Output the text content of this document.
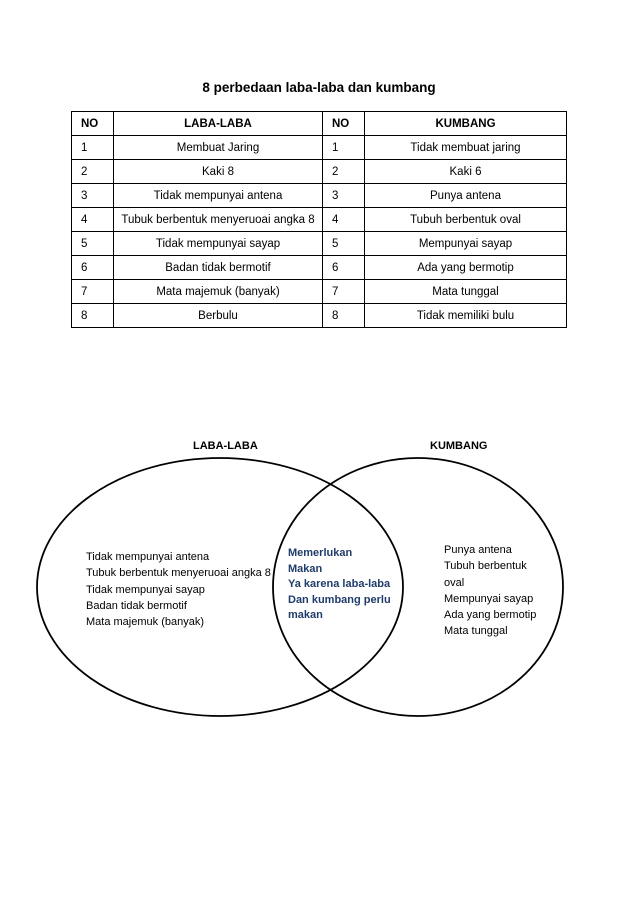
8 perbedaan laba-laba dan kumbang
NO	LABA-LABA	NO	KUMBANG
1	Membuat Jaring	1	Tidak membuat jaring
2	Kaki 8	2	Kaki 6
3	Tidak mempunyai antena	3	Punya antena
4	Tubuk berbentuk menyeruoai angka 8	4	Tubuh berbentuk oval
5	Tidak mempunyai sayap	5	Mempunyai sayap
6	Badan tidak bermotif	6	Ada yang bermotip
7	Mata majemuk (banyak)	7	Mata tunggal
8	Berbulu	8	Tidak memiliki bulu
LABA-LABA	KUMBANG
Tidak mempunyai antena
Tubuk berbentuk menyeruoai angka 8
Tidak mempunyai sayap
Badan tidak bermotif
Mata majemuk (banyak)
Memerlukan
Makan
Ya karena laba-laba
Dan kumbang perlu
makan
Punya antena
Tubuh berbentuk
oval
Mempunyai sayap
Ada yang bermotip
Mata tunggal
